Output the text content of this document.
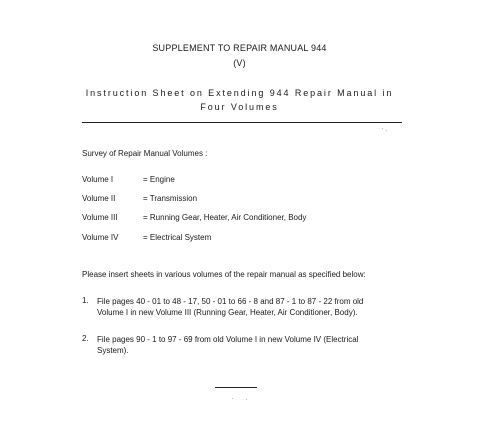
SUPPLEMENT TO REPAIR MANUAL 944
(V)
Instruction Sheet on Extending 944 Repair Manual in
Four Volumes
Survey of Repair Manual Volumes :
Volume I	= Engine
Volume II	= Transmission
Volume III	= Running Gear, Heater, Air Conditioner, Body
Volume IV	= Electrical System
Please insert sheets in various volumes of the repair manual as specified below:
1. File pages 40 - 01 to 48 - 17, 50 - 01 to 66 - 8 and 87 - 1 to 87 - 22 from old
Volume I in new Volume III (Running Gear, Heater, Air Conditioner, Body).
2. File pages 90 - 1 to 97 - 69 from old Volume I in new Volume IV (Electrical
System).
